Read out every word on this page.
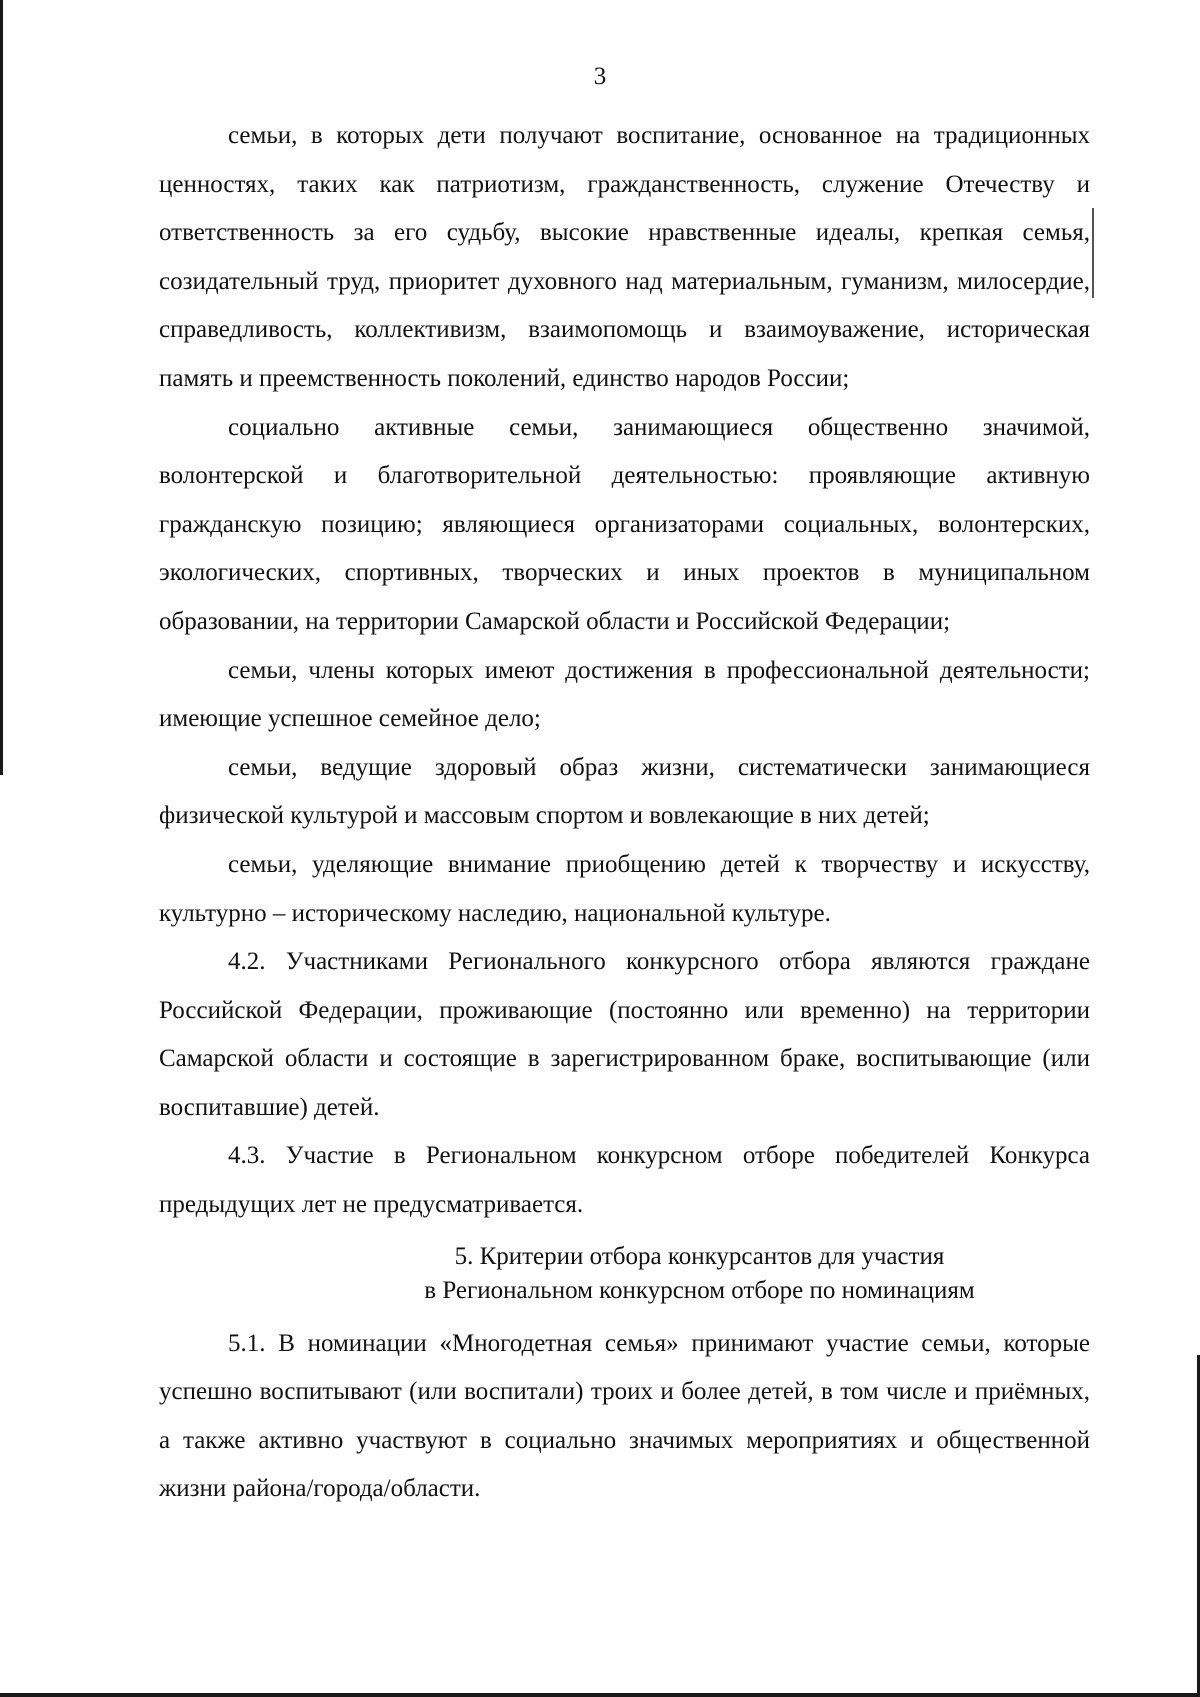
3

семьи, в которых дети получают воспитание, основанное на традиционных ценностях, таких как патриотизм, гражданственность, служение Отечеству и ответственность за его судьбу, высокие нравственные идеалы, крепкая семья, созидательный труд, приоритет духовного над материальным, гуманизм, милосердие, справедливость, коллективизм, взаимопомощь и взаимоуважение, историческая память и преемственность поколений, единство народов России;

социально активные семьи, занимающиеся общественно значимой, волонтерской и благотворительной деятельностью: проявляющие активную гражданскую позицию; являющиеся организаторами социальных, волонтерских, экологических, спортивных, творческих и иных проектов в муниципальном образовании, на территории Самарской области и Российской Федерации;

семьи, члены которых имеют достижения в профессиональной деятельности; имеющие успешное семейное дело;

семьи, ведущие здоровый образ жизни, систематически занимающиеся физической культурой и массовым спортом и вовлекающие в них детей;

семьи, уделяющие внимание приобщению детей к творчеству и искусству, культурно – историческому наследию, национальной культуре.

4.2. Участниками Регионального конкурсного отбора являются граждане Российской Федерации, проживающие (постоянно или временно) на территории Самарской области и состоящие в зарегистрированном браке, воспитывающие (или воспитавшие) детей.

4.3. Участие в Региональном конкурсном отборе победителей Конкурса предыдущих лет не предусматривается.

5. Критерии отбора конкурсантов для участия
в Региональном конкурсном отборе по номинациям

5.1. В номинации «Многодетная семья» принимают участие семьи, которые успешно воспитывают (или воспитали) троих и более детей, в том числе и приёмных, а также активно участвуют в социально значимых мероприятиях и общественной жизни района/города/области.
